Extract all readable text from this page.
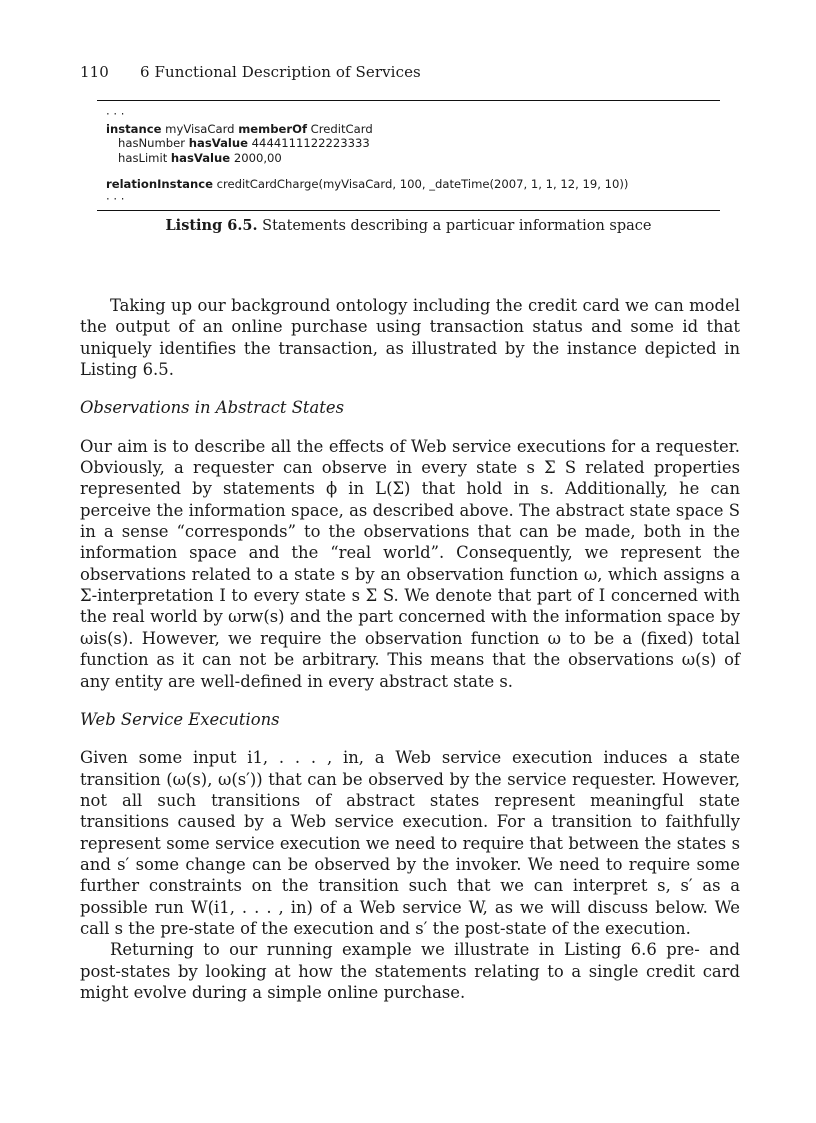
110 6 Functional Description of Services
· · ·
instance myVisaCard memberOf CreditCard
hasNumber hasValue 4444111122223333
hasLimit hasValue 2000,00
relationInstance creditCardCharge(myVisaCard, 100, _dateTime(2007, 1, 1, 12, 19, 10))
· · ·
Listing 6.5. Statements describing a particuar information space

Taking up our background ontology including the credit card we can model the output of an online purchase using transaction status and some id that uniquely identifies the transaction, as illustrated by the instance depicted in Listing 6.5.

Observations in Abstract States

Our aim is to describe all the effects of Web service executions for a requester. Obviously, a requester can observe in every state s Σ S related properties represented by statements ϕ in L(Σ) that hold in s. Additionally, he can perceive the information space, as described above. The abstract state space S in a sense “corresponds” to the observations that can be made, both in the information space and the “real world”. Consequently, we represent the observations related to a state s by an observation function ω, which assigns a Σ-interpretation I to every state s Σ S. We denote that part of I concerned with the real world by ωrw(s) and the part concerned with the information space by ωis(s). However, we require the observation function ω to be a (fixed) total function as it can not be arbitrary. This means that the observations ω(s) of any entity are well-defined in every abstract state s.

Web Service Executions

Given some input i1, . . . , in, a Web service execution induces a state transition (ω(s), ω(s′)) that can be observed by the service requester. However, not all such transitions of abstract states represent meaningful state transitions caused by a Web service execution. For a transition to faithfully represent some service execution we need to require that between the states s and s′ some change can be observed by the invoker. We need to require some further constraints on the transition such that we can interpret s, s′ as a possible run W(i1, . . . , in) of a Web service W, as we will discuss below. We call s the pre-state of the execution and s′ the post-state of the execution.

Returning to our running example we illustrate in Listing 6.6 pre- and post-states by looking at how the statements relating to a single credit card might evolve during a simple online purchase.
